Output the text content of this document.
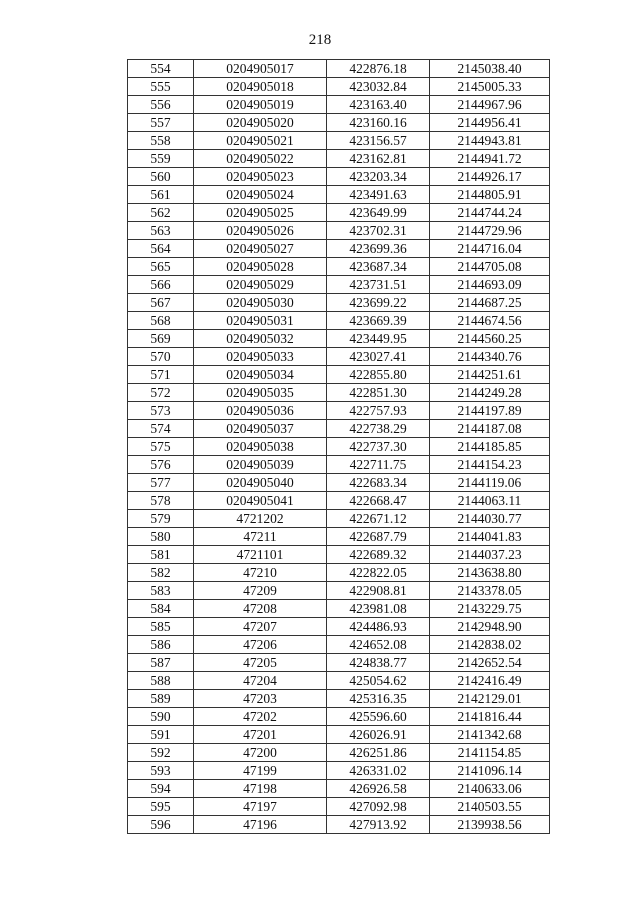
218
554	0204905017	422876.18	2145038.40
555	0204905018	423032.84	2145005.33
556	0204905019	423163.40	2144967.96
557	0204905020	423160.16	2144956.41
558	0204905021	423156.57	2144943.81
559	0204905022	423162.81	2144941.72
560	0204905023	423203.34	2144926.17
561	0204905024	423491.63	2144805.91
562	0204905025	423649.99	2144744.24
563	0204905026	423702.31	2144729.96
564	0204905027	423699.36	2144716.04
565	0204905028	423687.34	2144705.08
566	0204905029	423731.51	2144693.09
567	0204905030	423699.22	2144687.25
568	0204905031	423669.39	2144674.56
569	0204905032	423449.95	2144560.25
570	0204905033	423027.41	2144340.76
571	0204905034	422855.80	2144251.61
572	0204905035	422851.30	2144249.28
573	0204905036	422757.93	2144197.89
574	0204905037	422738.29	2144187.08
575	0204905038	422737.30	2144185.85
576	0204905039	422711.75	2144154.23
577	0204905040	422683.34	2144119.06
578	0204905041	422668.47	2144063.11
579	4721202	422671.12	2144030.77
580	47211	422687.79	2144041.83
581	4721101	422689.32	2144037.23
582	47210	422822.05	2143638.80
583	47209	422908.81	2143378.05
584	47208	423981.08	2143229.75
585	47207	424486.93	2142948.90
586	47206	424652.08	2142838.02
587	47205	424838.77	2142652.54
588	47204	425054.62	2142416.49
589	47203	425316.35	2142129.01
590	47202	425596.60	2141816.44
591	47201	426026.91	2141342.68
592	47200	426251.86	2141154.85
593	47199	426331.02	2141096.14
594	47198	426926.58	2140633.06
595	47197	427092.98	2140503.55
596	47196	427913.92	2139938.56
